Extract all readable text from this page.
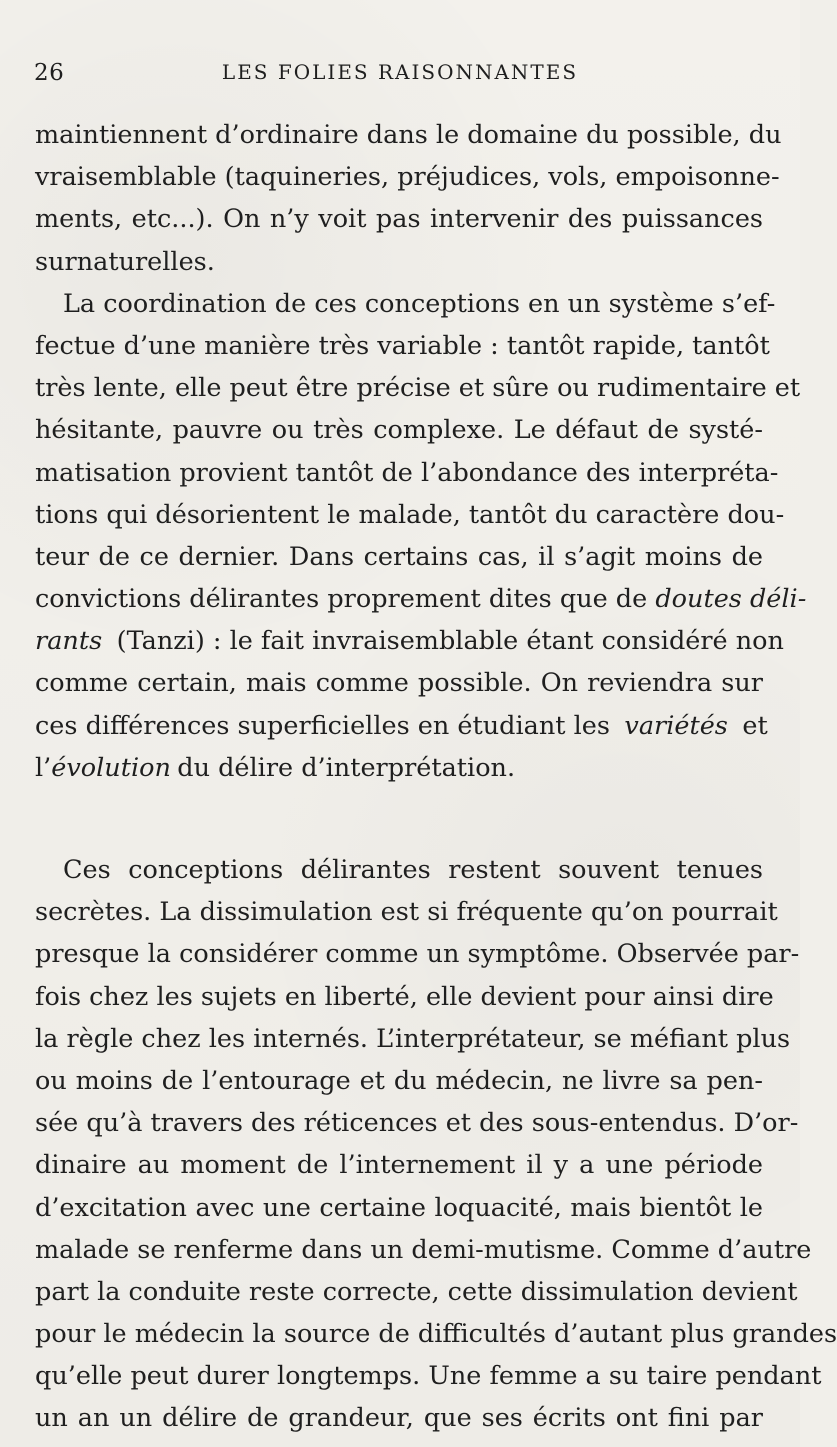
26	LES FOLIES RAISONNANTES
maintiennent d’ordinaire dans le domaine du possible, du
vraisemblable (taquineries, préjudices, vols, empoisonne-
ments, etc...). On n’y voit pas intervenir des puissances
surnaturelles.
La coordination de ces conceptions en un système s’ef-
fectue d’une manière très variable : tantôt rapide, tantôt
très lente, elle peut être précise et sûre ou rudimentaire et
hésitante, pauvre ou très complexe. Le défaut de systé-
matisation provient tantôt de l’abondance des interpréta-
tions qui désorientent le malade, tantôt du caractère dou-
teur de ce dernier. Dans certains cas, il s’agit moins de
convictions délirantes proprement dites que de doutes déli-
rants (Tanzi) : le fait invraisemblable étant considéré non
comme certain, mais comme possible. On reviendra sur
ces différences superficielles en étudiant les variétés et
l’évolution du délire d’interprétation.
Ces conceptions délirantes restent souvent tenues
secrètes. La dissimulation est si fréquente qu’on pourrait
presque la considérer comme un symptôme. Observée par-
fois chez les sujets en liberté, elle devient pour ainsi dire
la règle chez les internés. L’interprétateur, se méfiant plus
ou moins de l’entourage et du médecin, ne livre sa pen-
sée qu’à travers des réticences et des sous-entendus. D’or-
dinaire au moment de l’internement il y a une période
d’excitation avec une certaine loquacité, mais bientôt le
malade se renferme dans un demi-mutisme. Comme d’autre
part la conduite reste correcte, cette dissimulation devient
pour le médecin la source de difficultés d’autant plus grandes
qu’elle peut durer longtemps. Une femme a su taire pendant
un an un délire de grandeur, que ses écrits ont fini par
